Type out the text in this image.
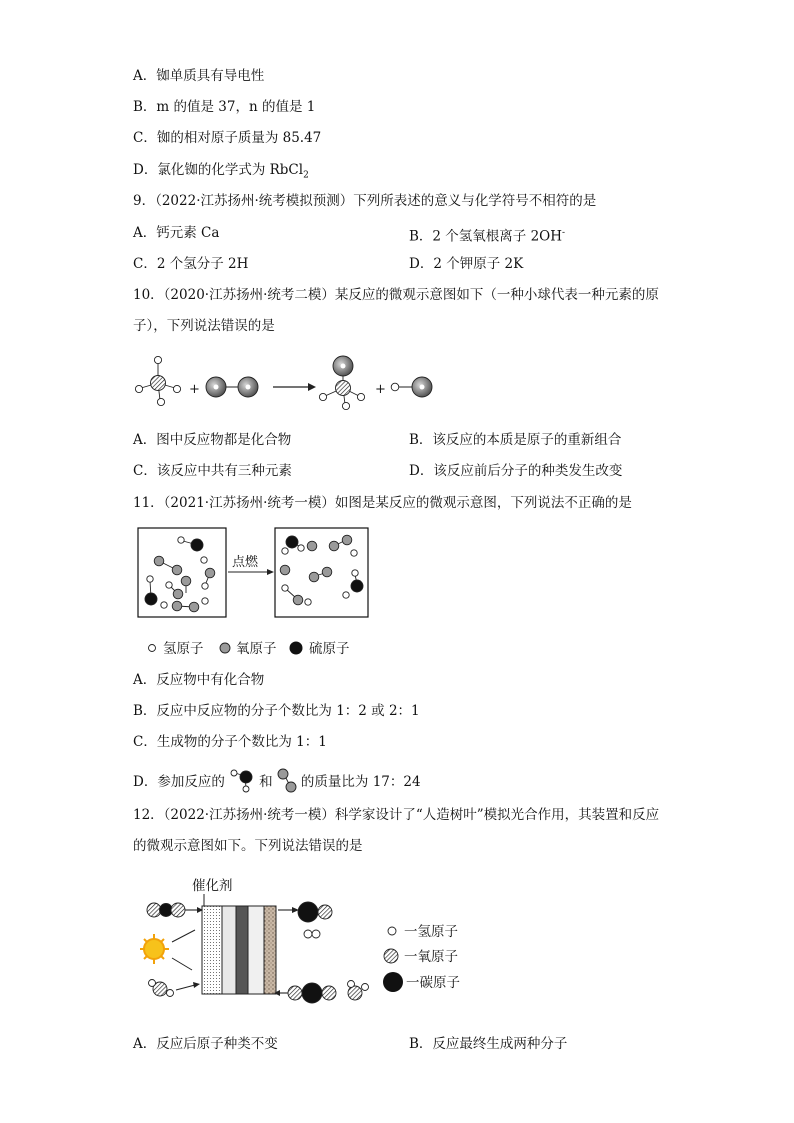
A．铷单质具有导电性
B．m 的值是 37，n 的值是 1
C．铷的相对原子质量为 85.47
D．氯化铷的化学式为 RbCl$_2$
9．（2022·江苏扬州·统考模拟预测）下列所表述的意义与化学符号不相符的是
A．钙元素 Ca	B．2 个氢氧根离子 2OH-
C．2 个氢分子 2H	D．2 个钾原子 2K
10．（2020·江苏扬州·统考二模）某反应的微观示意图如下（一种小球代表一种元素的原
子），下列说法错误的是
+	+
A．图中反应物都是化合物	B．该反应的本质是原子的重新组合
C．该反应中共有三种元素	D．该反应前后分子的种类发生改变
11．（2021·江苏扬州·统考一模）如图是某反应的微观示意图，下列说法不正确的是
点燃
氢原子 氧原子 硫原子
A．反应物中有化合物
B．反应中反应物的分子个数比为 1：2 或 2：1
C．生成物的分子个数比为 1：1
D．参加反应的	和 的质量比为 17：24
12．（2022·江苏扬州·统考一模）科学家设计了“人造树叶”模拟光合作用，其装置和反应
的微观示意图如下。下列说法错误的是
催化剂
一氢原子
一氧原子
一碳原子
A．反应后原子种类不变	B．反应最终生成两种分子
